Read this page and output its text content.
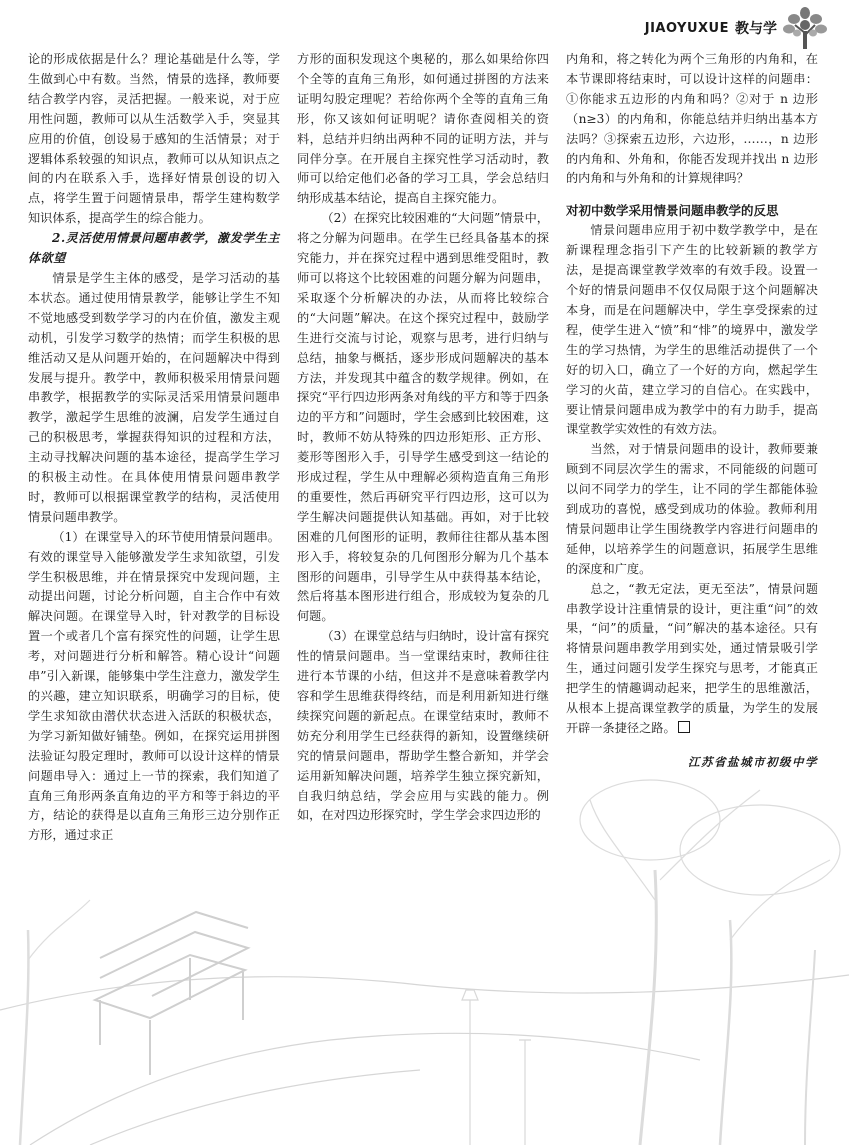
JIAOYUXUE 教与学

论的形成依据是什么？理论基础是什么等，学生做到心中有数。当然，情景的选择，教师要结合教学内容，灵活把握。一般来说，对于应用性问题，教师可以从生活数学入手，突显其应用的价值，创设易于感知的生活情景；对于逻辑体系较强的知识点，教师可以从知识点之间的内在联系入手，选择好情景创设的切入点，将学生置于问题情景串，帮学生建构数学知识体系，提高学生的综合能力。

2.灵活使用情景问题串教学，激发学生主体欲望

情景是学生主体的感受，是学习活动的基本状态。通过使用情景教学，能够让学生不知不觉地感受到数学学习的内在价值，激发主观动机，引发学习数学的热情；而学生积极的思维活动又是从问题开始的，在问题解决中得到发展与提升。教学中，教师积极采用情景问题串教学，根据教学的实际灵活采用情景问题串教学，激起学生思维的波澜，启发学生通过自己的积极思考，掌握获得知识的过程和方法，主动寻找解决问题的基本途径，提高学生学习的积极主动性。在具体使用情景问题串教学时，教师可以根据课堂教学的结构，灵活使用情景问题串教学。

（1）在课堂导入的环节使用情景问题串。有效的课堂导入能够激发学生求知欲望，引发学生积极思维，并在情景探究中发现问题，主动提出问题，讨论分析问题，自主合作中有效解决问题。在课堂导入时，针对教学的目标设置一个或者几个富有探究性的问题，让学生思考，对问题进行分析和解答。精心设计“问题串”引入新课，能够集中学生注意力，激发学生的兴趣，建立知识联系，明确学习的目标，使学生求知欲由潜伏状态进入活跃的积极状态，为学习新知做好铺垫。例如，在探究运用拼图法验证勾股定理时，教师可以设计这样的情景问题串导入：通过上一节的探索，我们知道了直角三角形两条直角边的平方和等于斜边的平方，结论的获得是以直角三角形三边分别作正方形，通过求正

方形的面积发现这个奥秘的，那么如果给你四个全等的直角三角形，如何通过拼图的方法来证明勾股定理呢？若给你两个全等的直角三角形，你又该如何证明呢？请你查阅相关的资料，总结并归纳出两种不同的证明方法，并与同伴分享。在开展自主探究性学习活动时，教师可以给定他们必备的学习工具，学会总结归纳形成基本结论，提高自主探究能力。

（2）在探究比较困难的“大问题”情景中，将之分解为问题串。在学生已经具备基本的探究能力，并在探究过程中遇到思维受阻时，教师可以将这个比较困难的问题分解为问题串，采取逐个分析解决的办法，从而将比较综合的“大问题”解决。在这个探究过程中，鼓励学生进行交流与讨论，观察与思考，进行归纳与总结，抽象与概括，逐步形成问题解决的基本方法，并发现其中蕴含的数学规律。例如，在探究“平行四边形两条对角线的平方和等于四条边的平方和”问题时，学生会感到比较困难，这时，教师不妨从特殊的四边形矩形、正方形、菱形等图形入手，引导学生感受到这一结论的形成过程，学生从中理解必须构造直角三角形的重要性，然后再研究平行四边形，这可以为学生解决问题提供认知基础。再如，对于比较困难的几何图形的证明，教师往往都从基本图形入手，将较复杂的几何图形分解为几个基本图形的问题串，引导学生从中获得基本结论，然后将基本图形进行组合，形成较为复杂的几何题。

（3）在课堂总结与归纳时，设计富有探究性的情景问题串。当一堂课结束时，教师往往进行本节课的小结，但这并不是意味着教学内容和学生思维获得终结，而是利用新知进行继续探究问题的新起点。在课堂结束时，教师不妨充分利用学生已经获得的新知，设置继续研究的情景问题串，帮助学生整合新知，并学会运用新知解决问题，培养学生独立探究新知，自我归纳总结，学会应用与实践的能力。例如，在对四边形探究时，学生学会求四边形的

内角和，将之转化为两个三角形的内角和，在本节课即将结束时，可以设计这样的问题串：①你能求五边形的内角和吗？②对于 n 边形（n≥3）的内角和，你能总结并归纳出基本方法吗？③探索五边形，六边形，……，n 边形的内角和、外角和，你能否发现并找出 n 边形的内角和与外角和的计算规律吗？

对初中数学采用情景问题串教学的反思

情景问题串应用于初中数学教学中，是在新课程理念指引下产生的比较新颖的教学方法，是提高课堂教学效率的有效手段。设置一个好的情景问题串不仅仅局限于这个问题解决本身，而是在问题解决中，学生享受探索的过程，使学生进入“愤”和“悱”的境界中，激发学生的学习热情，为学生的思维活动提供了一个好的切入口，确立了一个好的方向，燃起学生学习的火苗，建立学习的自信心。在实践中，要让情景问题串成为教学中的有力助手，提高课堂教学实效性的有效方法。

当然，对于情景问题串的设计，教师要兼顾到不同层次学生的需求，不同能级的问题可以问不同学力的学生，让不同的学生都能体验到成功的喜悦，感受到成功的体验。教师利用情景问题串让学生围绕教学内容进行问题串的延伸，以培养学生的问题意识，拓展学生思维的深度和广度。

总之，“教无定法，更无至法”，情景问题串教学设计注重情景的设计，更注重“问”的效果，“问”的质量，“问”解决的基本途径。只有将情景问题串教学用到实处，通过情景吸引学生，通过问题引发学生探究与思考，才能真正把学生的情趣调动起来，把学生的思维激活，从根本上提高课堂教学的质量，为学生的发展开辟一条捷径之路。

江苏省盐城市初级中学
